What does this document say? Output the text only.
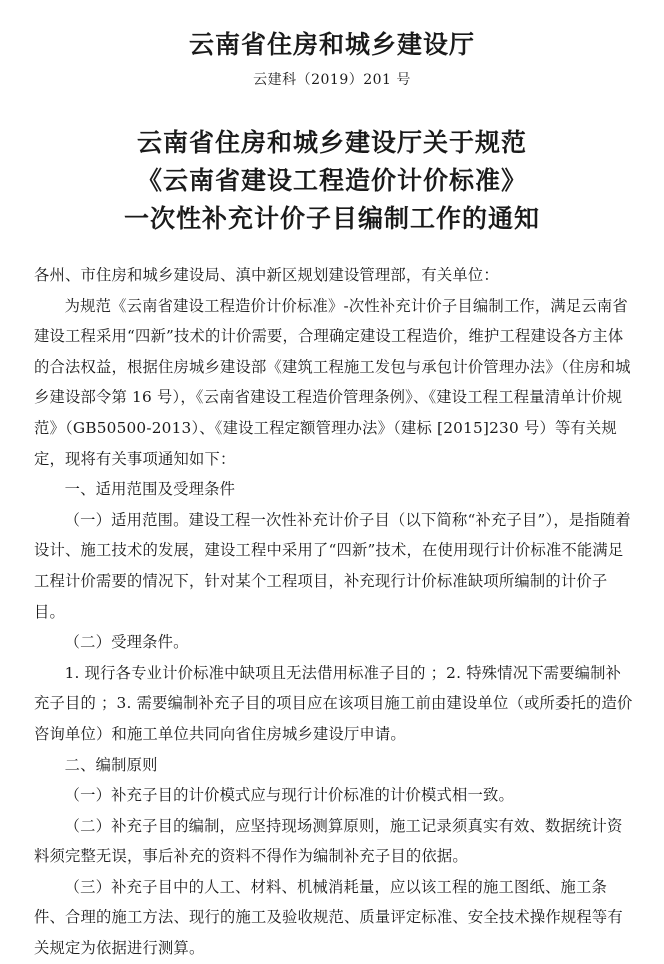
云南省住房和城乡建设厅
云建科（2019）201 号
云南省住房和城乡建设厅关于规范
《云南省建设工程造价计价标准》
一次性补充计价子目编制工作的通知

各州、市住房和城乡建设局、滇中新区规划建设管理部，有关单位：

为规范《云南省建设工程造价计价标准》-次性补充计价子目编制工作，满足云南省建设工程采用“四新”技术的计价需要，合理确定建设工程造价，维护工程建设各方主体的合法权益，根据住房城乡建设部《建筑工程施工发包与承包计价管理办法》（住房和城乡建设部令第 16 号），《云南省建设工程造价管理条例》、《建设工程工程量清单计价规范》（GB50500-2013）、《建设工程定额管理办法》（建标 [2015]230 号）等有关规定，现将有关事项通知如下：

一、适用范围及受理条件

（一）适用范围。建设工程一次性补充计价子目（以下简称“补充子目”），是指随着设计、施工技术的发展，建设工程中采用了“四新”技术，在使用现行计价标准不能满足工程计价需要的情况下，针对某个工程项目，补充现行计价标准缺项所编制的计价子目。

（二）受理条件。

1. 现行各专业计价标准中缺项且无法借用标准子目的 ；2. 特殊情况下需要编制补充子目的 ；3. 需要编制补充子目的项目应在该项目施工前由建设单位（或所委托的造价咨询单位）和施工单位共同向省住房城乡建设厅申请。

二、编制原则

（一）补充子目的计价模式应与现行计价标准的计价模式相一致。

（二）补充子目的编制，应坚持现场测算原则，施工记录须真实有效、数据统计资料须完整无误，事后补充的资料不得作为编制补充子目的依据。

（三）补充子目中的人工、材料、机械消耗量，应以该工程的施工图纸、施工条件、合理的施工方法、现行的施工及验收规范、质量评定标准、安全技术操作规程等有关规定为依据进行测算。
